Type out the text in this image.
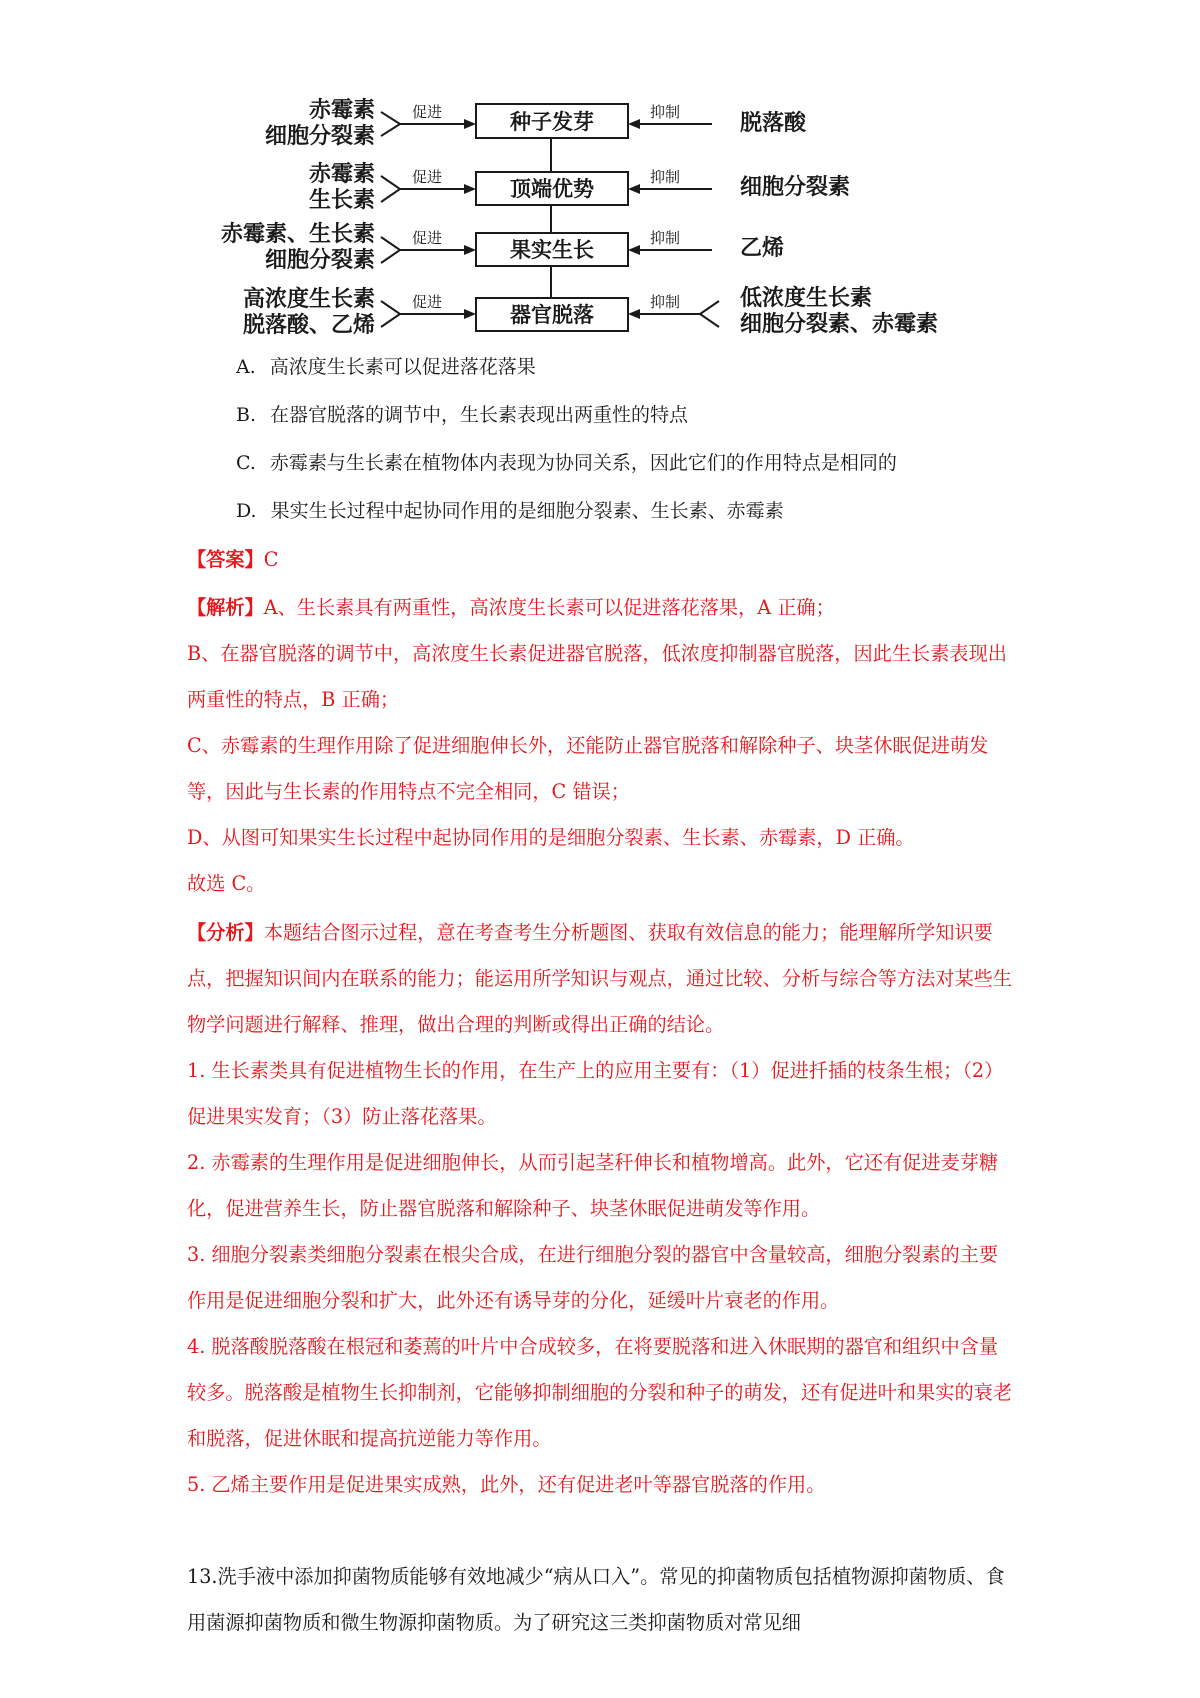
赤霉素
细胞分裂素
促进	种子发芽	抑制	脱落酸
赤霉素
生长素
促进	顶端优势	抑制	细胞分裂素
赤霉素、生长素
细胞分裂素
促进	果实生长	抑制	乙烯
高浓度生长素
脱落酸、乙烯
促进	器官脱落	抑制	低浓度生长素
细胞分裂素、赤霉素
A. 高浓度生长素可以促进落花落果
B. 在器官脱落的调节中，生长素表现出两重性的特点
C. 赤霉素与生长素在植物体内表现为协同关系，因此它们的作用特点是相同的
D. 果实生长过程中起协同作用的是细胞分裂素、生长素、赤霉素
【答案】C
【解析】A、生长素具有两重性，高浓度生长素可以促进落花落果，A 正确；
B、在器官脱落的调节中，高浓度生长素促进器官脱落，低浓度抑制器官脱落，因此生长素表现出两重性的特点，B 正确；
C、赤霉素的生理作用除了促进细胞伸长外，还能防止器官脱落和解除种子、块茎休眠促进萌发等，因此与生长素的作用特点不完全相同，C 错误；
D、从图可知果实生长过程中起协同作用的是细胞分裂素、生长素、赤霉素，D 正确。
故选 C。
【分析】本题结合图示过程，意在考查考生分析题图、获取有效信息的能力；能理解所学知识要点，把握知识间内在联系的能力；能运用所学知识与观点，通过比较、分析与综合等方法对某些生物学问题进行解释、推理，做出合理的判断或得出正确的结论。
1. 生长素类具有促进植物生长的作用，在生产上的应用主要有：（1）促进扦插的枝条生根；（2）促进果实发育；（3）防止落花落果。
2. 赤霉素的生理作用是促进细胞伸长，从而引起茎秆伸长和植物增高。此外，它还有促进麦芽糖化，促进营养生长，防止器官脱落和解除种子、块茎休眠促进萌发等作用。
3. 细胞分裂素类细胞分裂素在根尖合成，在进行细胞分裂的器官中含量较高，细胞分裂素的主要作用是促进细胞分裂和扩大，此外还有诱导芽的分化，延缓叶片衰老的作用。
4. 脱落酸脱落酸在根冠和萎蔫的叶片中合成较多，在将要脱落和进入休眠期的器官和组织中含量较多。脱落酸是植物生长抑制剂，它能够抑制细胞的分裂和种子的萌发，还有促进叶和果实的衰老和脱落，促进休眠和提高抗逆能力等作用。
5. 乙烯主要作用是促进果实成熟，此外，还有促进老叶等器官脱落的作用。
13.洗手液中添加抑菌物质能够有效地减少“病从口入”。常见的抑菌物质包括植物源抑菌物质、食用菌源抑菌物质和微生物源抑菌物质。为了研究这三类抑菌物质对常见细
